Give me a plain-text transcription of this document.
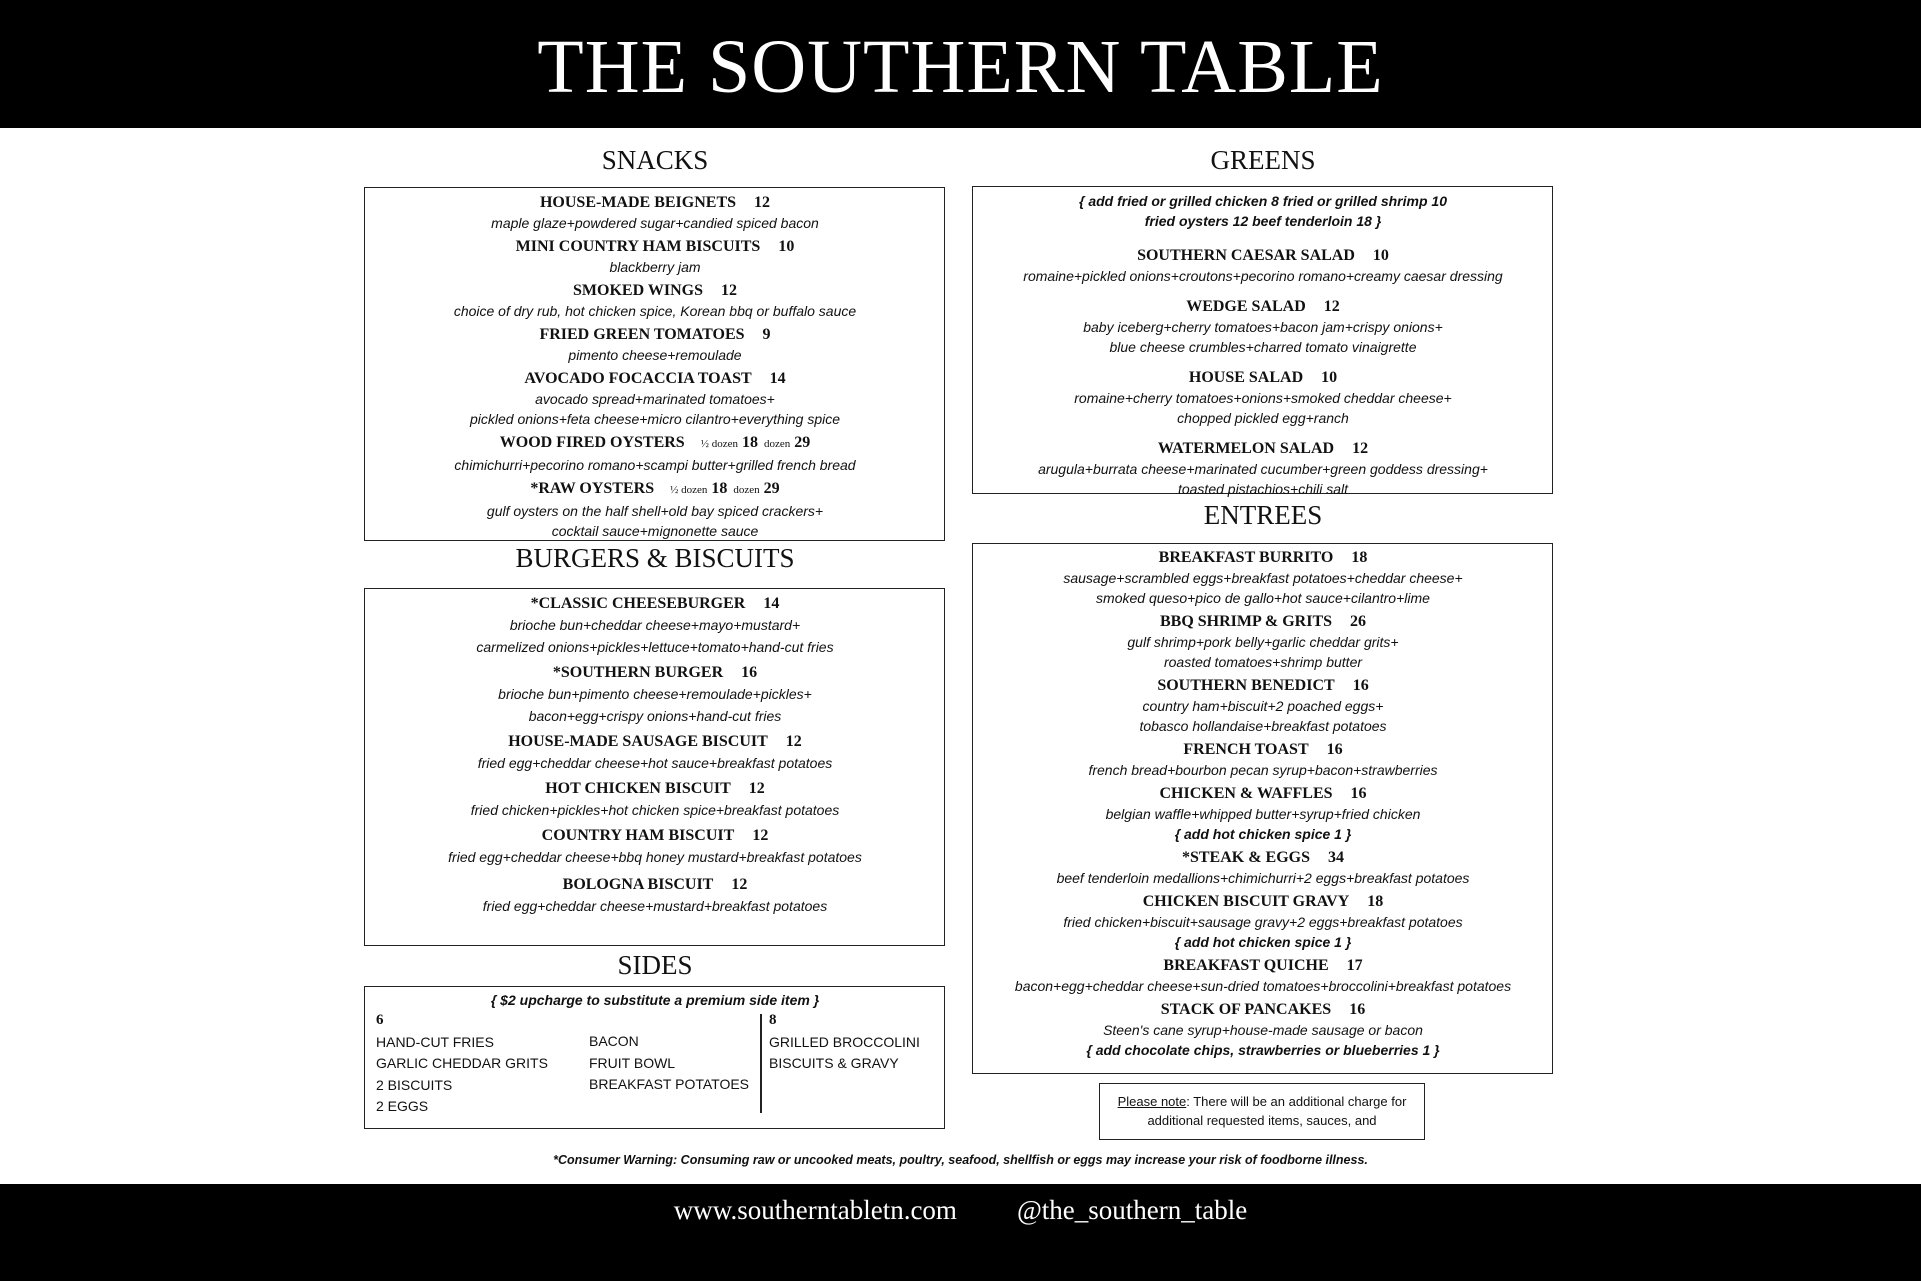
THE SOUTHERN TABLE
SNACKS
HOUSE-MADE BEIGNETS 12
maple glaze+powdered sugar+candied spiced bacon
MINI COUNTRY HAM BISCUITS 10
blackberry jam
SMOKED WINGS 12
choice of dry rub, hot chicken spice, Korean bbq or buffalo sauce
FRIED GREEN TOMATOES 9
pimento cheese+remoulade
AVOCADO FOCACCIA TOAST 14
avocado spread+marinated tomatoes+
pickled onions+feta cheese+micro cilantro+everything spice
WOOD FIRED OYSTERS ½ dozen 18 dozen 29
chimichurri+pecorino romano+scampi butter+grilled french bread
*RAW OYSTERS ½ dozen 18 dozen 29
gulf oysters on the half shell+old bay spiced crackers+
cocktail sauce+mignonette sauce
BURGERS & BISCUITS
*CLASSIC CHEESEBURGER 14
brioche bun+cheddar cheese+mayo+mustard+
carmelized onions+pickles+lettuce+tomato+hand-cut fries
*SOUTHERN BURGER 16
brioche bun+pimento cheese+remoulade+pickles+
bacon+egg+crispy onions+hand-cut fries
HOUSE-MADE SAUSAGE BISCUIT 12
fried egg+cheddar cheese+hot sauce+breakfast potatoes
HOT CHICKEN BISCUIT 12
fried chicken+pickles+hot chicken spice+breakfast potatoes
COUNTRY HAM BISCUIT 12
fried egg+cheddar cheese+bbq honey mustard+breakfast potatoes
BOLOGNA BISCUIT 12
fried egg+cheddar cheese+mustard+breakfast potatoes
SIDES
{ $2 upcharge to substitute a premium side item }
6
HAND-CUT FRIES
GARLIC CHEDDAR GRITS
2 BISCUITS
2 EGGS
BACON
FRUIT BOWL
BREAKFAST POTATOES
8
GRILLED BROCCOLINI
BISCUITS & GRAVY
GREENS
{ add fried or grilled chicken 8 fried or grilled shrimp 10
fried oysters 12 beef tenderloin 18 }
SOUTHERN CAESAR SALAD 10
romaine+pickled onions+croutons+pecorino romano+creamy caesar dressing
WEDGE SALAD 12
baby iceberg+cherry tomatoes+bacon jam+crispy onions+
blue cheese crumbles+charred tomato vinaigrette
HOUSE SALAD 10
romaine+cherry tomatoes+onions+smoked cheddar cheese+
chopped pickled egg+ranch
WATERMELON SALAD 12
arugula+burrata cheese+marinated cucumber+green goddess dressing+
toasted pistachios+chili salt
ENTREES
BREAKFAST BURRITO 18
sausage+scrambled eggs+breakfast potatoes+cheddar cheese+
smoked queso+pico de gallo+hot sauce+cilantro+lime
BBQ SHRIMP & GRITS 26
gulf shrimp+pork belly+garlic cheddar grits+
roasted tomatoes+shrimp butter
SOUTHERN BENEDICT 16
country ham+biscuit+2 poached eggs+
tobasco hollandaise+breakfast potatoes
FRENCH TOAST 16
french bread+bourbon pecan syrup+bacon+strawberries
CHICKEN & WAFFLES 16
belgian waffle+whipped butter+syrup+fried chicken
{ add hot chicken spice 1 }
*STEAK & EGGS 34
beef tenderloin medallions+chimichurri+2 eggs+breakfast potatoes
CHICKEN BISCUIT GRAVY 18
fried chicken+biscuit+sausage gravy+2 eggs+breakfast potatoes
{ add hot chicken spice 1 }
BREAKFAST QUICHE 17
bacon+egg+cheddar cheese+sun-dried tomatoes+broccolini+breakfast potatoes
STACK OF PANCAKES 16
Steen's cane syrup+house-made sausage or bacon
{ add chocolate chips, strawberries or blueberries 1 }
Please note: There will be an additional charge for
additional requested items, sauces, and
*Consumer Warning: Consuming raw or uncooked meats, poultry, seafood, shellfish or eggs may increase your risk of foodborne illness.
www.southerntabletn.com @the_southern_table
